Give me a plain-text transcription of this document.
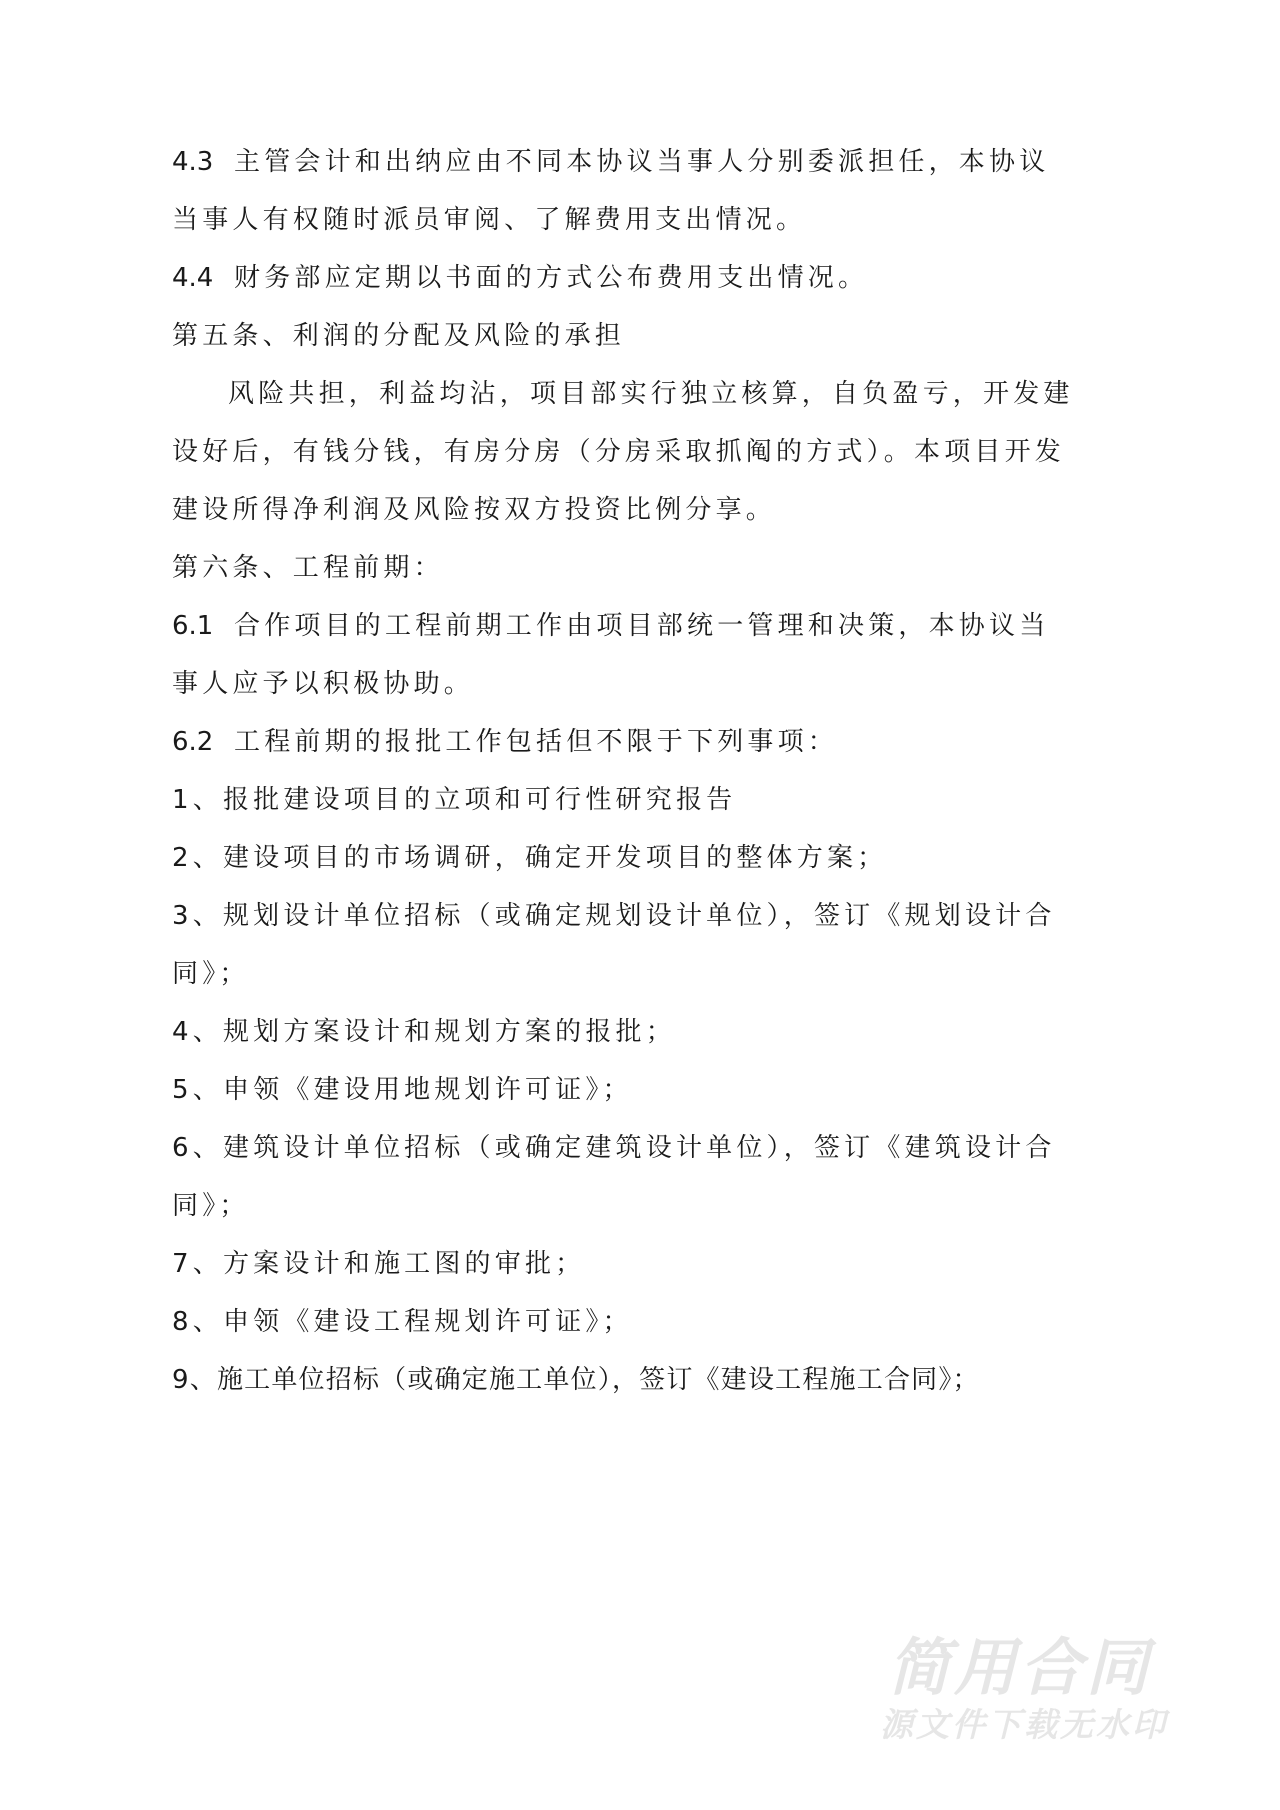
4.3 主管会计和出纳应由不同本协议当事人分别委派担任，本协议
当事人有权随时派员审阅、了解费用支出情况。
4.4 财务部应定期以书面的方式公布费用支出情况。
第五条、利润的分配及风险的承担
风险共担，利益均沾，项目部实行独立核算，自负盈亏，开发建
设好后，有钱分钱，有房分房（分房采取抓阄的方式）。本项目开发
建设所得净利润及风险按双方投资比例分享。
第六条、工程前期：
6.1 合作项目的工程前期工作由项目部统一管理和决策，本协议当
事人应予以积极协助。
6.2 工程前期的报批工作包括但不限于下列事项：
1、报批建设项目的立项和可行性研究报告
2、建设项目的市场调研，确定开发项目的整体方案；
3、规划设计单位招标（或确定规划设计单位），签订《规划设计合
同》；
4、规划方案设计和规划方案的报批；
5、申领《建设用地规划许可证》；
6、建筑设计单位招标（或确定建筑设计单位），签订《建筑设计合
同》；
7、方案设计和施工图的审批；
8、申领《建设工程规划许可证》；
9、施工单位招标（或确定施工单位），签订《建设工程施工合同》；
简用合同
源文件下载无水印
